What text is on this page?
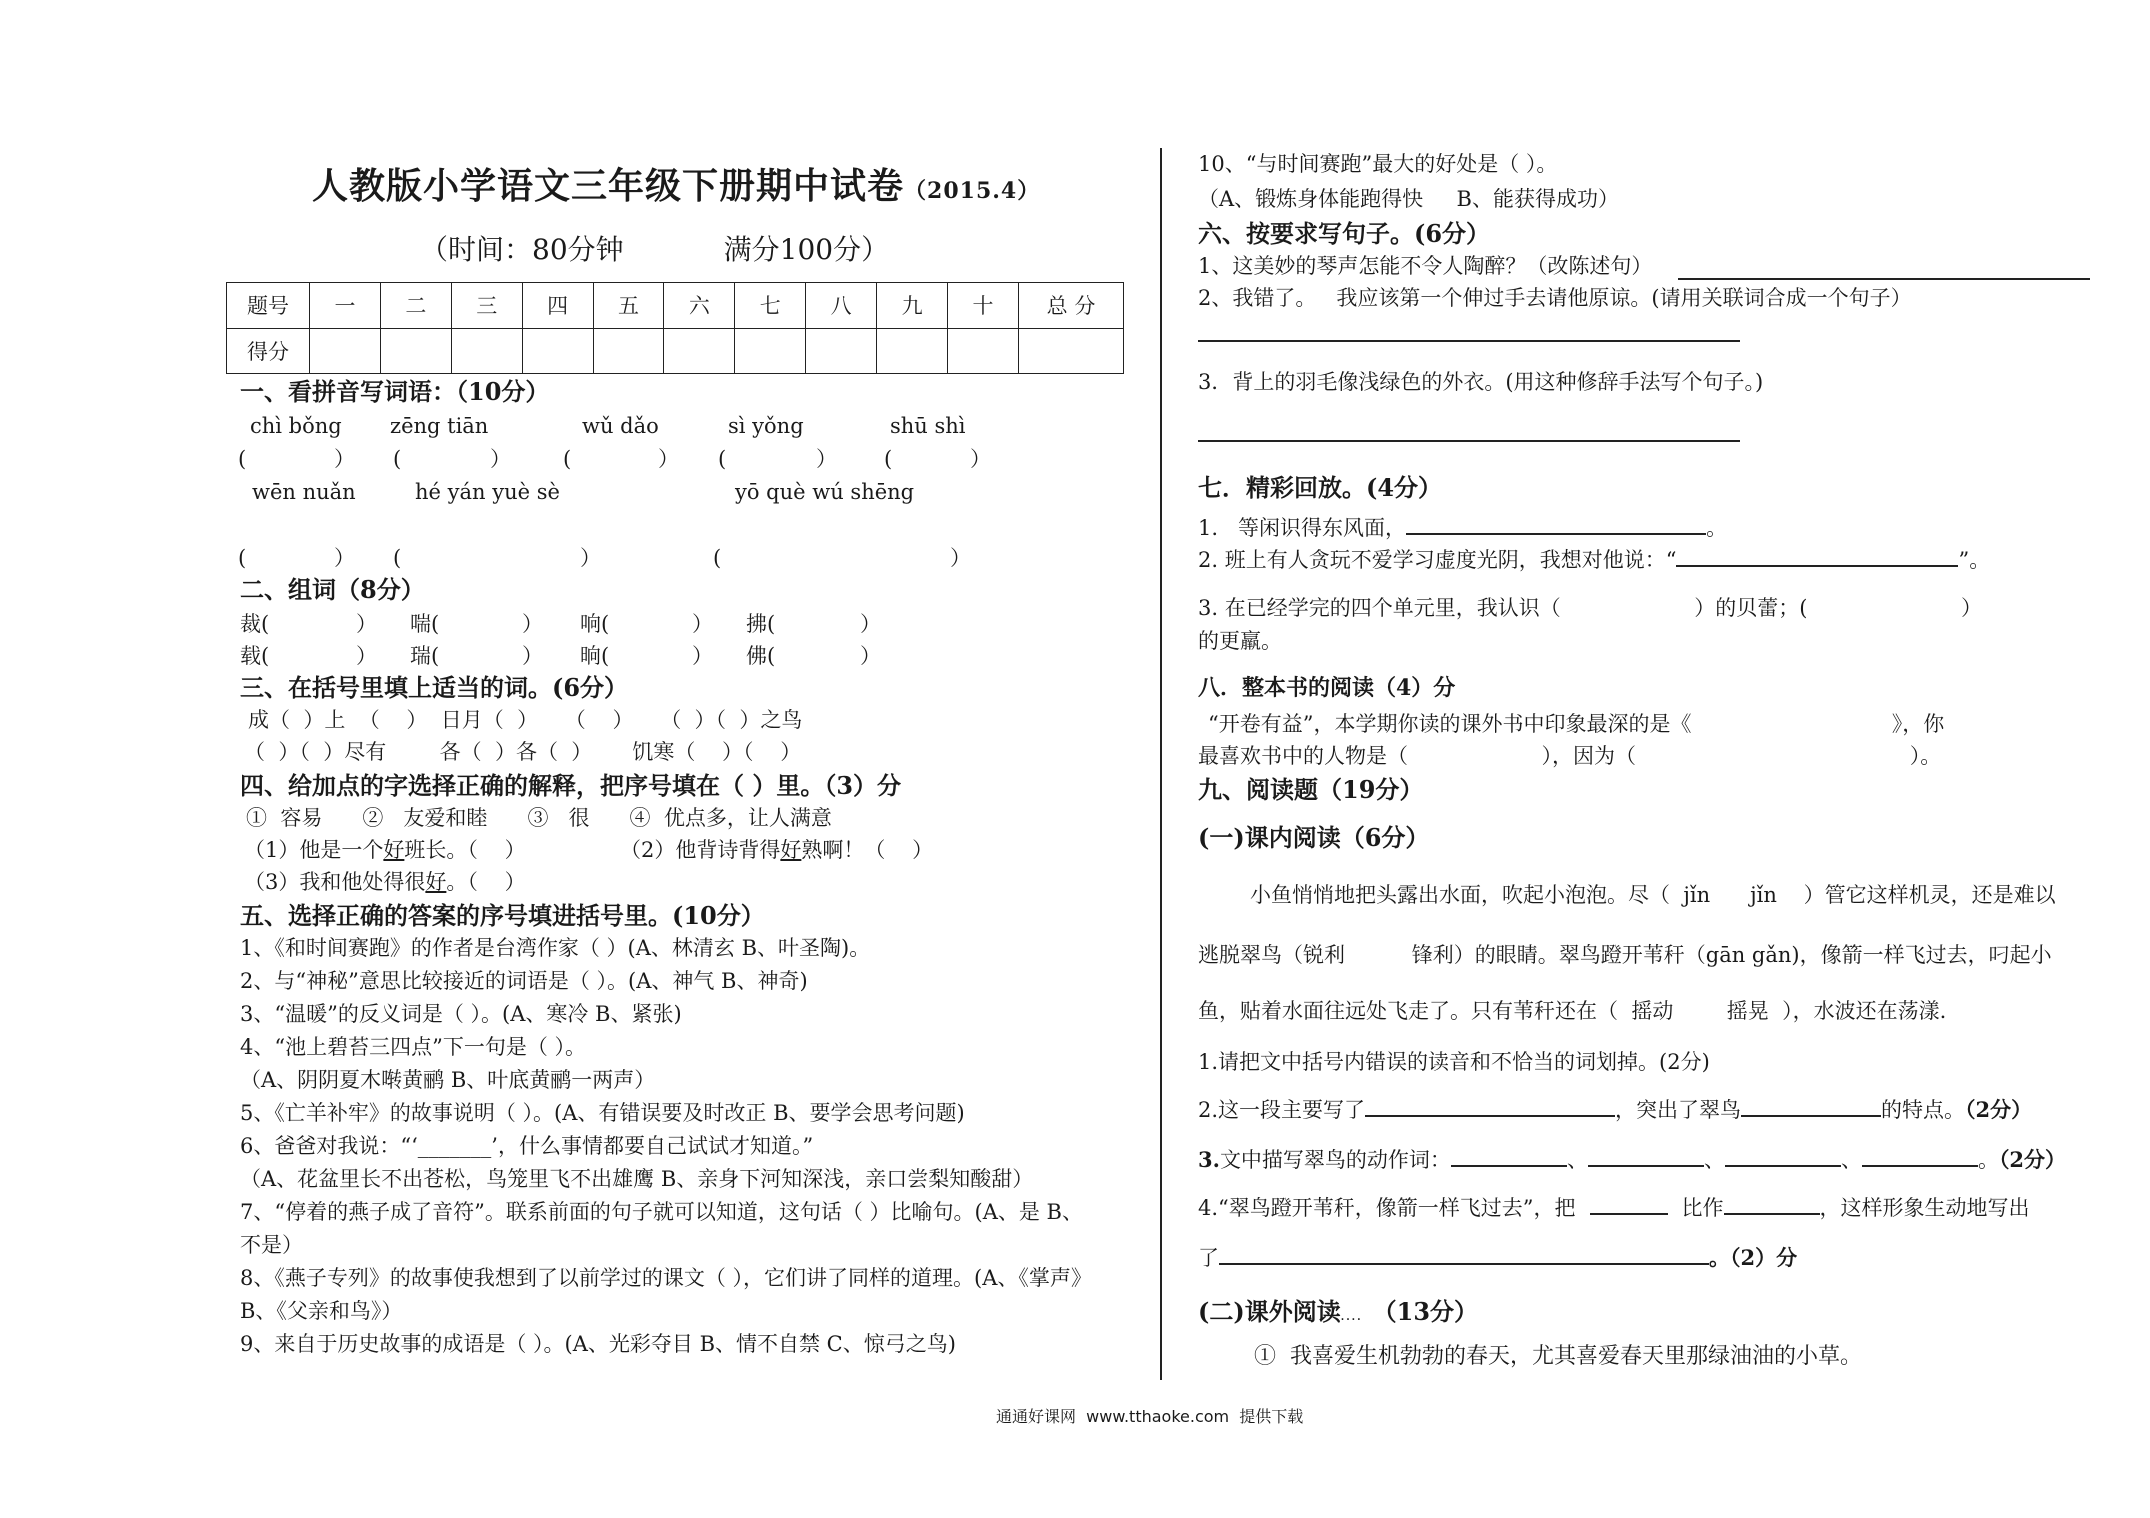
人教版小学语文三年级下册期中试卷（2015.4）
（时间：80分钟	满分100分）
题号	一	二	三	四	五	六	七	八	九	十	总 分
得分											
一、看拼音写词语：（10分）
chì bǒng zēng tiān	wǔ dǎo	sì yǒng	shū shì
(	） (	） (	） (	） (	）
wēn nuǎn	hé yán yuè sè	yō què wú shēng
(	） (	）	(	）
二、组词（8分）
裁(	） 喘(	） 响(	） 拂(	）
载(	） 瑞(	） 晌(	） 佛(	）
三、在括号里填上适当的词。(6分）
成（  ）上  （    ）  日月（  ）    （    ）    （  ）（  ）之鸟
（  ）（  ）尽有        各（  ）各（  ）      饥寒（    ）（    ）
四、给加点的字选择正确的解释，把序号填在（ ）里。（3）分
①  容易      ②   友爱和睦      ③   很      ④  优点多，让人满意
（1）他是一个好班长。（    ）	（2）他背诗背得好熟啊！（    ）
（3）我和他处得很好。（    ）
五、选择正确的答案的序号填进括号里。(10分）
1、《和时间赛跑》的作者是台湾作家（ ）(A、林清玄 B、叶圣陶)。
2、与“神秘”意思比较接近的词语是（ ）。(A、神气 B、神奇)
3、“温暖”的反义词是（ ）。(A、寒冷 B、紧张)
4、“池上碧苔三四点”下一句是（ ）。
（A、阴阴夏木啭黄鹂 B、叶底黄鹂一两声）
5、《亡羊补牢》的故事说明（ ）。(A、有错误要及时改正 B、要学会思考问题)
6、爸爸对我说：“‘_______’，什么事情都要自己试试才知道。”
（A、花盆里长不出苍松，鸟笼里飞不出雄鹰 B、亲身下河知深浅，亲口尝梨知酸甜）
7、“停着的燕子成了音符”。联系前面的句子就可以知道，这句话（ ）比喻句。(A、是 B、
不是）
8、《燕子专列》的故事使我想到了以前学过的课文（ ），它们讲了同样的道理。(A、《掌声》
B、《父亲和鸟》）
9、来自于历史故事的成语是（ ）。(A、光彩夺目 B、情不自禁 C、惊弓之鸟)
10、“与时间赛跑”最大的好处是（ ）。
（A、锻炼身体能跑得快     B、能获得成功）
六、按要求写句子。(6分）
1、这美妙的琴声怎能不令人陶醉？（改陈述句）
2、我错了。   我应该第一个伸过手去请他原谅。(请用关联词合成一个句子）
3．背上的羽毛像浅绿色的外衣。(用这种修辞手法写个句子。)
七．精彩回放。(4分）
1.   等闲识得东风面，	。
2. 班上有人贪玩不爱学习虚度光阴，我想对他说：“	”。
3. 在已经学完的四个单元里，我认识（                    ）的贝蕾；(                       ）
的更羸。
八．整本书的阅读（4）分
“开卷有益”，本学期你读的课外书中印象最深的是《                              》，你
最喜欢书中的人物是（                    ），因为（                                         ）。
九、阅读题（19分）
(一)课内阅读（6分）
小鱼悄悄地把头露出水面，吹起小泡泡。尽（  jǐn      jǐn    ）管它这样机灵，还是难以
逃脱翠鸟（锐利          锋利）的眼睛。翠鸟蹬开苇秆（gān gǎn)，像箭一样飞过去，叼起小
鱼，贴着水面往远处飞走了。只有苇秆还在（  摇动        摇晃  ），水波还在荡漾.
1.请把文中括号内错误的读音和不恰当的词划掉。(2分)
2.这一段主要写了	，突出了翠鸟	的特点。（2分）
3.文中描写翠鸟的动作词：	、	、	、	。（2分）
4.“翠鸟蹬开苇秆，像箭一样飞过去”，把	比作	，这样形象生动地写出
了	。（2）分
(二)课外阅读.... （13分）
①  我喜爱生机勃勃的春天，尤其喜爱春天里那绿油油的小草。
通通好课网  www.tthaoke.com  提供下载
